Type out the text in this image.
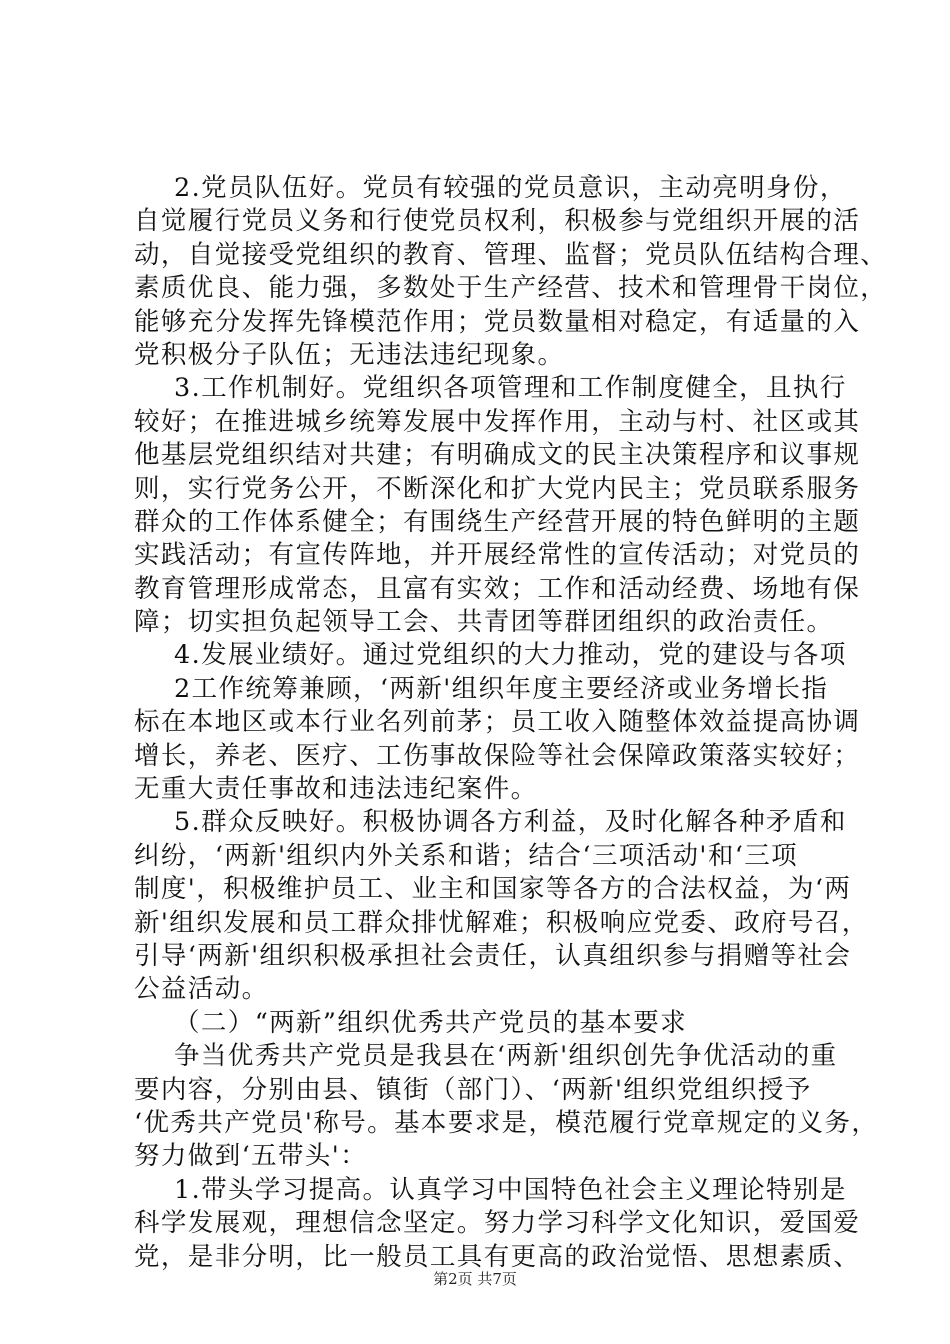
2.党员队伍好。党员有较强的党员意识，主动亮明身份，
自觉履行党员义务和行使党员权利，积极参与党组织开展的活
动，自觉接受党组织的教育、管理、监督；党员队伍结构合理、
素质优良、能力强，多数处于生产经营、技术和管理骨干岗位，
能够充分发挥先锋模范作用；党员数量相对稳定，有适量的入
党积极分子队伍；无违法违纪现象。
3.工作机制好。党组织各项管理和工作制度健全，且执行
较好；在推进城乡统筹发展中发挥作用，主动与村、社区或其
他基层党组织结对共建；有明确成文的民主决策程序和议事规
则，实行党务公开，不断深化和扩大党内民主；党员联系服务
群众的工作体系健全；有围绕生产经营开展的特色鲜明的主题
实践活动；有宣传阵地，并开展经常性的宣传活动；对党员的
教育管理形成常态，且富有实效；工作和活动经费、场地有保
障；切实担负起领导工会、共青团等群团组织的政治责任。
4.发展业绩好。通过党组织的大力推动，党的建设与各项
2工作统筹兼顾，‘两新'组织年度主要经济或业务增长指
标在本地区或本行业名列前茅；员工收入随整体效益提高协调
增长，养老、医疗、工伤事故保险等社会保障政策落实较好；
无重大责任事故和违法违纪案件。
5.群众反映好。积极协调各方利益，及时化解各种矛盾和
纠纷，‘两新'组织内外关系和谐；结合‘三项活动'和‘三项
制度'，积极维护员工、业主和国家等各方的合法权益，为‘两
新'组织发展和员工群众排忧解难；积极响应党委、政府号召，
引导‘两新'组织积极承担社会责任，认真组织参与捐赠等社会
公益活动。
（二）“两新”组织优秀共产党员的基本要求
争当优秀共产党员是我县在‘两新'组织创先争优活动的重
要内容，分别由县、镇街（部门）、‘两新'组织党组织授予
‘优秀共产党员'称号。基本要求是，模范履行党章规定的义务，
努力做到‘五带头'：
1.带头学习提高。认真学习中国特色社会主义理论特别是
科学发展观，理想信念坚定。努力学习科学文化知识，爱国爱
党，是非分明，比一般员工具有更高的政治觉悟、思想素质、
第2页 共7页
